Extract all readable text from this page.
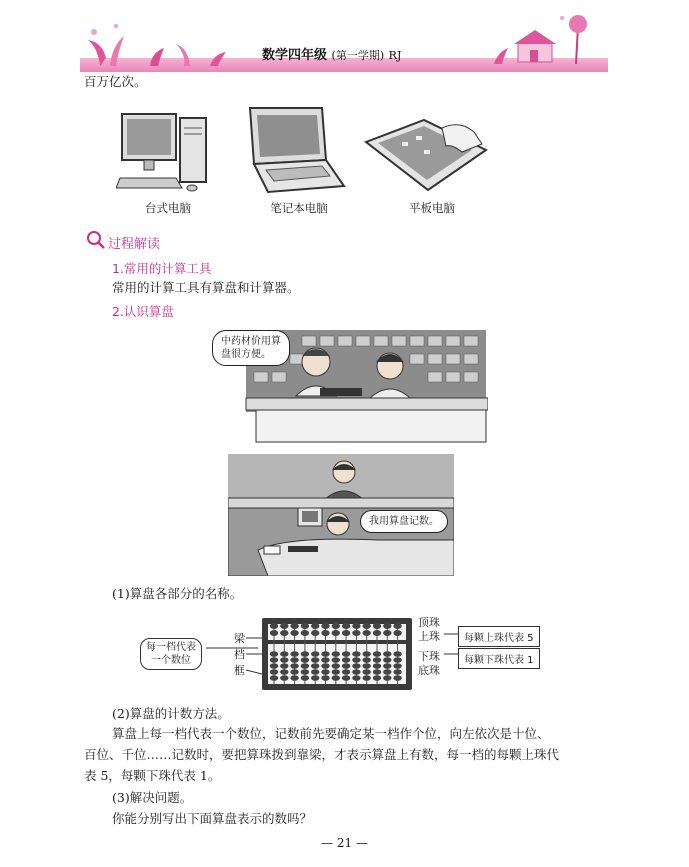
数学四年级 (第一学期) RJ
百万亿次。
台式电脑	笔记本电脑	平板电脑
过程解读
1.常用的计算工具
常用的计算工具有算盘和计算器。
2.认识算盘
中药材价用算
盘很方便。
我用算盘记数。
(1)算盘各部分的名称。
每一档代表
一个数位
梁
档
框
顶珠
上珠
下珠
底珠
每颗上珠代表 5
每颗下珠代表 1
(2)算盘的计数方法。
算盘上每一档代表一个数位，记数前先要确定某一档作个位，向左依次是十位、
百位、千位……记数时，要把算珠拨到靠梁，才表示算盘上有数，每一档的每颗上珠代
表 5，每颗下珠代表 1。
(3)解决问题。
你能分别写出下面算盘表示的数吗？
— 21 —
